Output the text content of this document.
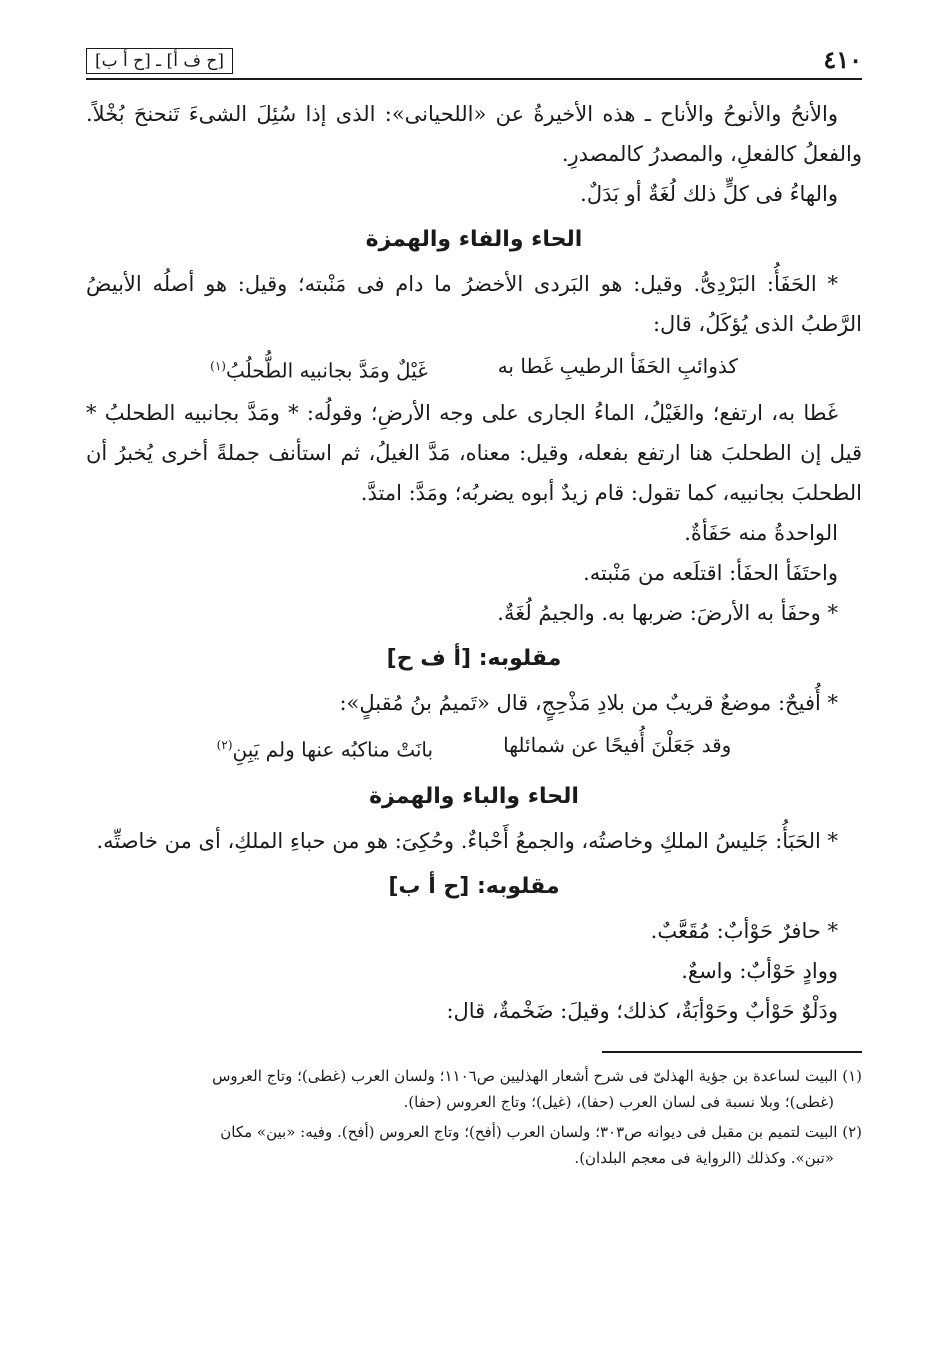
٤١٠
[ح ف أ] ـ [ح أ ب]

والأنحُ والأنوحُ والأناح ـ هذه الأخيرةُ عن «اللحيانى»: الذى إذا سُئِلَ الشىءَ تَنحنحَ بُخْلاً. والفعلُ كالفعلِ، والمصدرُ كالمصدرِ.

والهاءُ فى كلٍّ ذلك لُغَةٌ أو بَدَلٌ.

الحاء والفاء والهمزة

* الحَفَأُ: البَرْدِىُّ. وقيل: هو البَردى الأخضرُ ما دام فى مَنْبته؛ وقيل: هو أصلُه الأبيضُ الرَّطبُ الذى يُؤكَلُ، قال:

كذوائبِ الحَفَأ الرطيبِ غَطا به
غَيْلٌ ومَدَّ بجانبيه الطُّحلُبُ$^{(١)}$

غَطا به، ارتفع؛ والغَيْلُ، الماءُ الجارى على وجه الأرضِ؛ وقولُه: * ومَدَّ بجانبيه الطحلبُ * قيل إن الطحلبَ هنا ارتفع بفعله، وقيل: معناه، مَدَّ الغيلُ، ثم استأنف جملةً أخرى يُخبرُ أن الطحلبَ بجانبيه، كما تقول: قام زيدٌ أبوه يضربُه؛ ومَدَّ: امتدَّ.

الواحدةُ منه حَفَأةٌ.

واحتَفَأ الحفَأ: اقتلَعه من مَنْبته.

* وحفَأ به الأرضَ: ضربها به. والجيمُ لُغَةٌ.

مقلوبه: [أ ف ح]

* أُفيحٌ: موضعٌ قريبٌ من بلادِ مَذْحِجٍ، قال «تَميمُ بنُ مُقبلٍ»:

وقد جَعَلْنَ أُفيحًا عن شمائلها
بانَتْ مناكبُه عنها ولم يَبِنِ$^{(٢)}$
الحاء والباء والهمزة

* الحَبَأُ: جَليسُ الملكِ وخاصتُه، والجمعُ أَحْباءٌ. وحُكِىَ: هو من حباءِ الملكِ، أى من خاصتِّه.

مقلوبه: [ح أ ب]

* حافرٌ حَوْأبٌ: مُقَعَّبٌ.

ووادٍ حَوْأبٌ: واسعٌ.

ودَلْوٌ حَوْأبٌ وحَوْأبَةٌ، كذلك؛ وقيلَ: ضَخْمةٌ، قال:

(١) البيت لساعدة بن جؤية الهذلىّ فى شرح أشعار الهذليين ص١١٠٦؛ ولسان العرب (غطى)؛ وتاج العروس
(غطى)؛ وبلا نسبة فى لسان العرب (حفا)، (غيل)؛ وتاج العروس (حفا).
(٢) البيت لتميم بن مقبل فى ديوانه ص٣٠٣؛ ولسان العرب (أفح)؛ وتاج العروس (أفح). وفيه: «بين» مكان
«تبن». وكذلك (الرواية فى معجم البلدان).
